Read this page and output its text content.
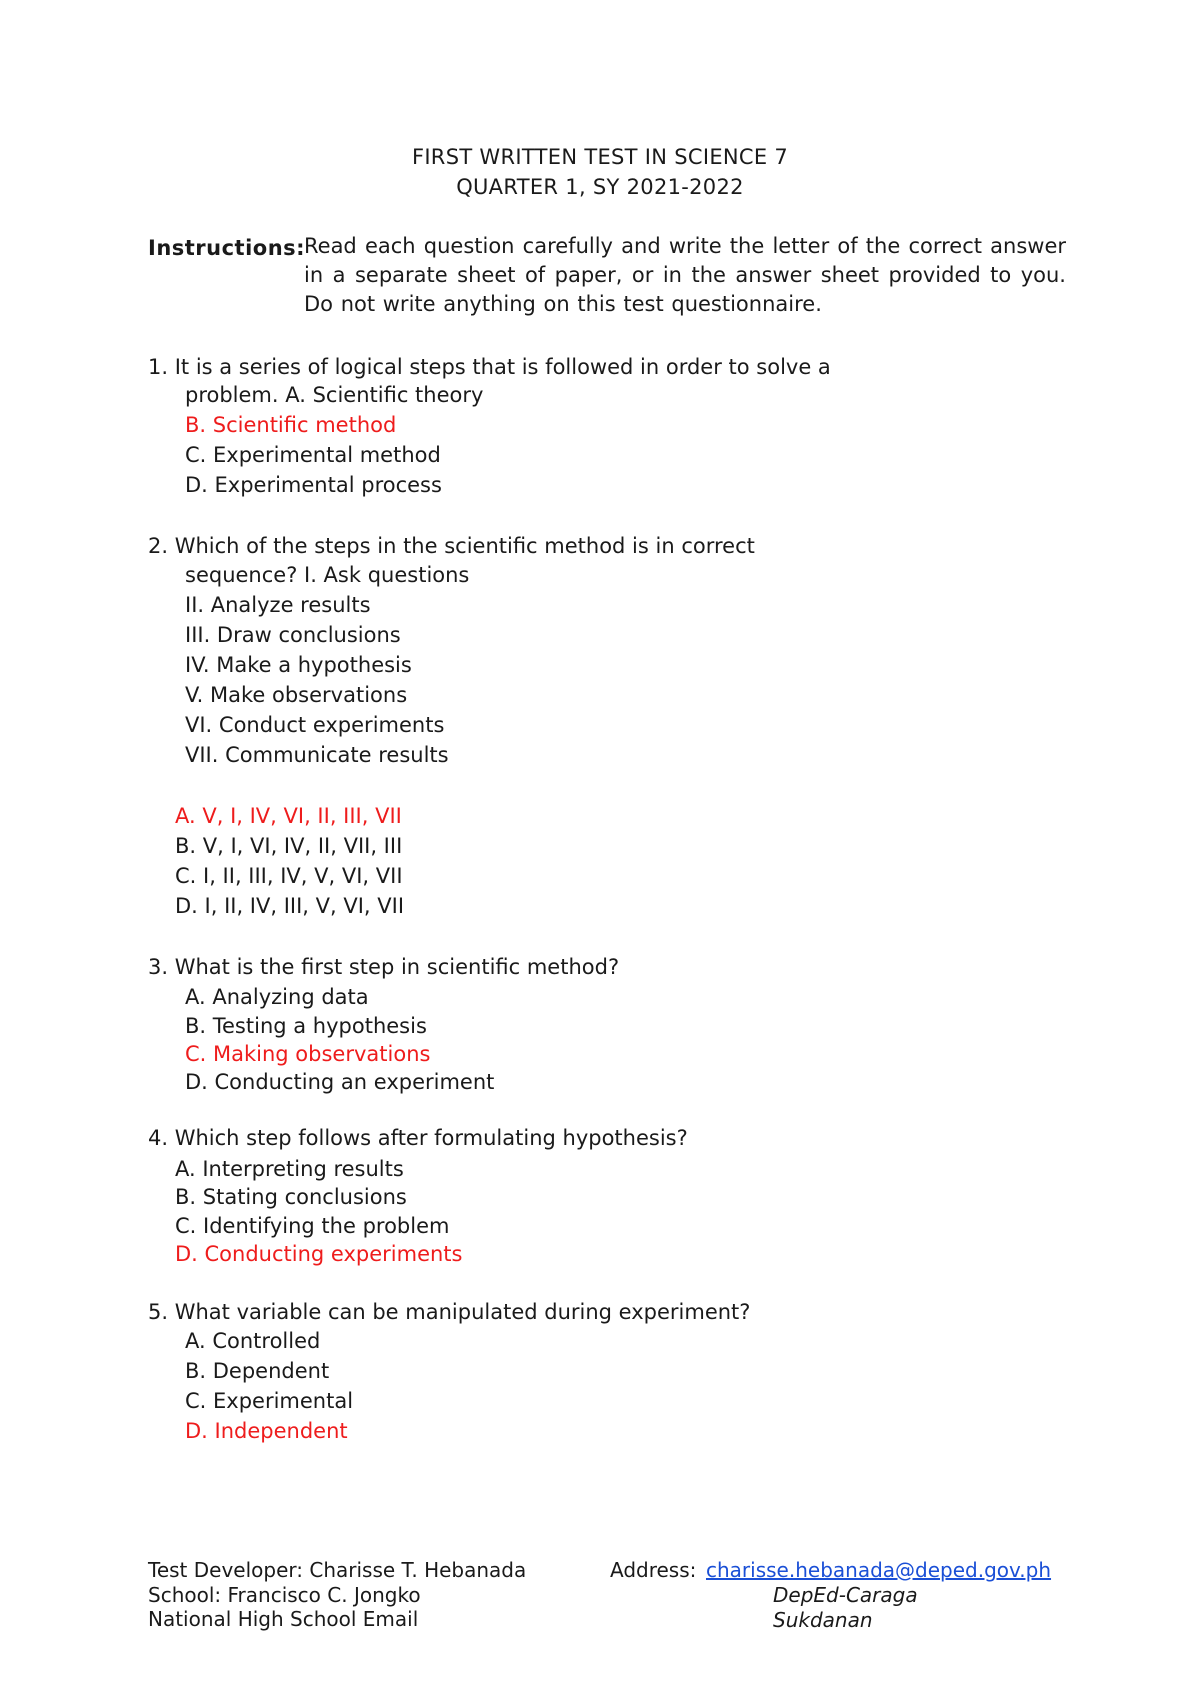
FIRST WRITTEN TEST IN SCIENCE 7
QUARTER 1, SY 2021-2022
Instructions:
Read each question carefully and write the letter of the correct answer in a separate sheet of paper, or in the answer sheet provided to you. Do not write anything on this test questionnaire.
1. It is a series of logical steps that is followed in order to solve a
problem. A. Scientific theory
B. Scientific method
C. Experimental method
D. Experimental process
2. Which of the steps in the scientific method is in correct
sequence? I. Ask questions
II. Analyze results
III. Draw conclusions
IV. Make a hypothesis
V. Make observations
VI. Conduct experiments
VII. Communicate results
A. V, I, IV, VI, II, III, VII
B. V, I, VI, IV, II, VII, III
C. I, II, III, IV, V, VI, VII
D. I, II, IV, III, V, VI, VII
3. What is the first step in scientific method?
A. Analyzing data
B. Testing a hypothesis
C. Making observations
D. Conducting an experiment
4. Which step follows after formulating hypothesis?
A. Interpreting results
B. Stating conclusions
C. Identifying the problem
D. Conducting experiments
5. What variable can be manipulated during experiment?
A. Controlled
B. Dependent
C. Experimental
D. Independent
Test Developer: Charisse T. Hebanada
School: Francisco C. Jongko
National High School Email
Address: charisse.hebanada@deped.gov.ph
DepEd-Caraga
Sukdanan
